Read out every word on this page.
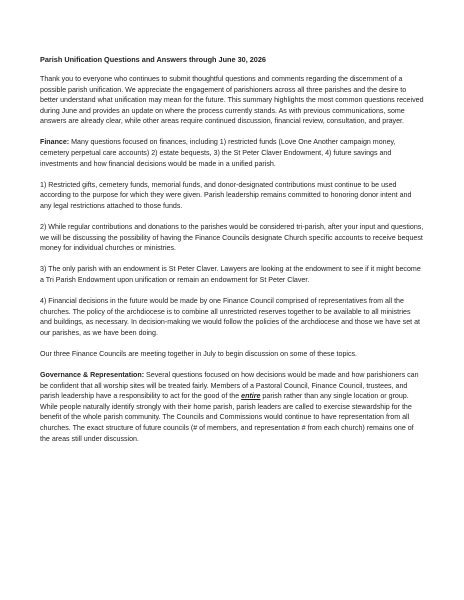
Parish Unification Questions and Answers through June 30, 2026

Thank you to everyone who continues to submit thoughtful questions and comments regarding the discernment of a possible parish unification. We appreciate the engagement of parishioners across all three parishes and the desire to better understand what unification may mean for the future. This summary highlights the most common questions received during June and provides an update on where the process currently stands. As with previous communications, some answers are already clear, while other areas require continued discussion, financial review, consultation, and prayer.

Finance: Many questions focused on finances, including 1) restricted funds (Love One Another campaign money, cemetery perpetual care accounts) 2) estate bequests, 3) the St Peter Claver Endowment, 4) future savings and investments and how financial decisions would be made in a unified parish.

1) Restricted gifts, cemetery funds, memorial funds, and donor-designated contributions must continue to be used according to the purpose for which they were given. Parish leadership remains committed to honoring donor intent and any legal restrictions attached to those funds.

2) While regular contributions and donations to the parishes would be considered tri-parish, after your input and questions, we will be discussing the possibility of having the Finance Councils designate Church specific accounts to receive bequest money for individual churches or ministries.

3) The only parish with an endowment is St Peter Claver. Lawyers are looking at the endowment to see if it might become a Tri Parish Endowment upon unification or remain an endowment for St Peter Claver.

4) Financial decisions in the future would be made by one Finance Council comprised of representatives from all the churches. The policy of the archdiocese is to combine all unrestricted reserves together to be available to all ministries and buildings, as necessary. In decision-making we would follow the policies of the archdiocese and those we have set at our parishes, as we have been doing.

Our three Finance Councils are meeting together in July to begin discussion on some of these topics.

Governance & Representation: Several questions focused on how decisions would be made and how parishioners can be confident that all worship sites will be treated fairly. Members of a Pastoral Council, Finance Council, trustees, and parish leadership have a responsibility to act for the good of the entire parish rather than any single location or group. While people naturally identify strongly with their home parish, parish leaders are called to exercise stewardship for the benefit of the whole parish community. The Councils and Commissions would continue to have representation from all churches. The exact structure of future councils (# of members, and representation # from each church) remains one of the areas still under discussion.
